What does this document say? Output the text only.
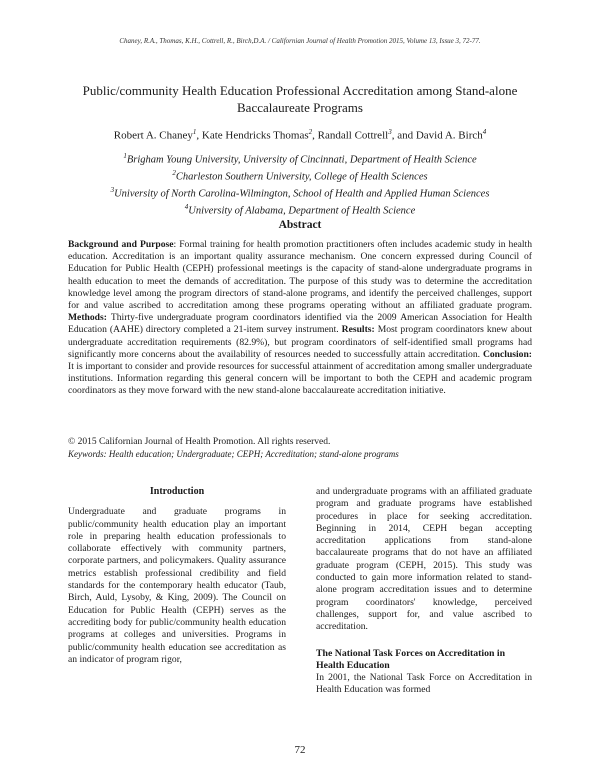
Chaney, R.A., Thomas, K.H., Cottrell, R., Birch,D.A. / Californian Journal of Health Promotion 2015, Volume 13, Issue 3, 72-77.
Public/community Health Education Professional Accreditation among Stand-alone Baccalaureate Programs
Robert A. Chaney$^1$, Kate Hendricks Thomas$^2$, Randall Cottrell$^3$, and David A. Birch$^4$
$^1$Brigham Young University, University of Cincinnati, Department of Health Science
$^2$Charleston Southern University, College of Health Sciences
$^3$University of North Carolina-Wilmington, School of Health and Applied Human Sciences
$^4$University of Alabama, Department of Health Science
Abstract
Background and Purpose: Formal training for health promotion practitioners often includes academic study in health education. Accreditation is an important quality assurance mechanism. One concern expressed during Council of Education for Public Health (CEPH) professional meetings is the capacity of stand-alone undergraduate programs in health education to meet the demands of accreditation. The purpose of this study was to determine the accreditation knowledge level among the program directors of stand-alone programs, and identify the perceived challenges, support for and value ascribed to accreditation among these programs operating without an affiliated graduate program. Methods: Thirty-five undergraduate program coordinators identified via the 2009 American Association for Health Education (AAHE) directory completed a 21-item survey instrument. Results: Most program coordinators knew about undergraduate accreditation requirements (82.9%), but program coordinators of self-identified small programs had significantly more concerns about the availability of resources needed to successfully attain accreditation. Conclusion: It is important to consider and provide resources for successful attainment of accreditation among smaller undergraduate institutions. Information regarding this general concern will be important to both the CEPH and academic program coordinators as they move forward with the new stand-alone baccalaureate accreditation initiative.
© 2015 Californian Journal of Health Promotion. All rights reserved.
Keywords: Health education; Undergraduate; CEPH; Accreditation; stand-alone programs
Introduction
Undergraduate and graduate programs in public/community health education play an important role in preparing health education professionals to collaborate effectively with community partners, corporate partners, and policymakers. Quality assurance metrics establish professional credibility and field standards for the contemporary health educator (Taub, Birch, Auld, Lysoby, & King, 2009). The Council on Education for Public Health (CEPH) serves as the accrediting body for public/community health education programs at colleges and universities. Programs in public/community health education see accreditation as an indicator of program rigor,
and undergraduate programs with an affiliated graduate program and graduate programs have established procedures in place for seeking accreditation. Beginning in 2014, CEPH began accepting accreditation applications from stand-alone baccalaureate programs that do not have an affiliated graduate program (CEPH, 2015). This study was conducted to gain more information related to stand-alone program accreditation issues and to determine program coordinators' knowledge, perceived challenges, support for, and value ascribed to accreditation.
The National Task Forces on Accreditation in Health Education
In 2001, the National Task Force on Accreditation in Health Education was formed
72
